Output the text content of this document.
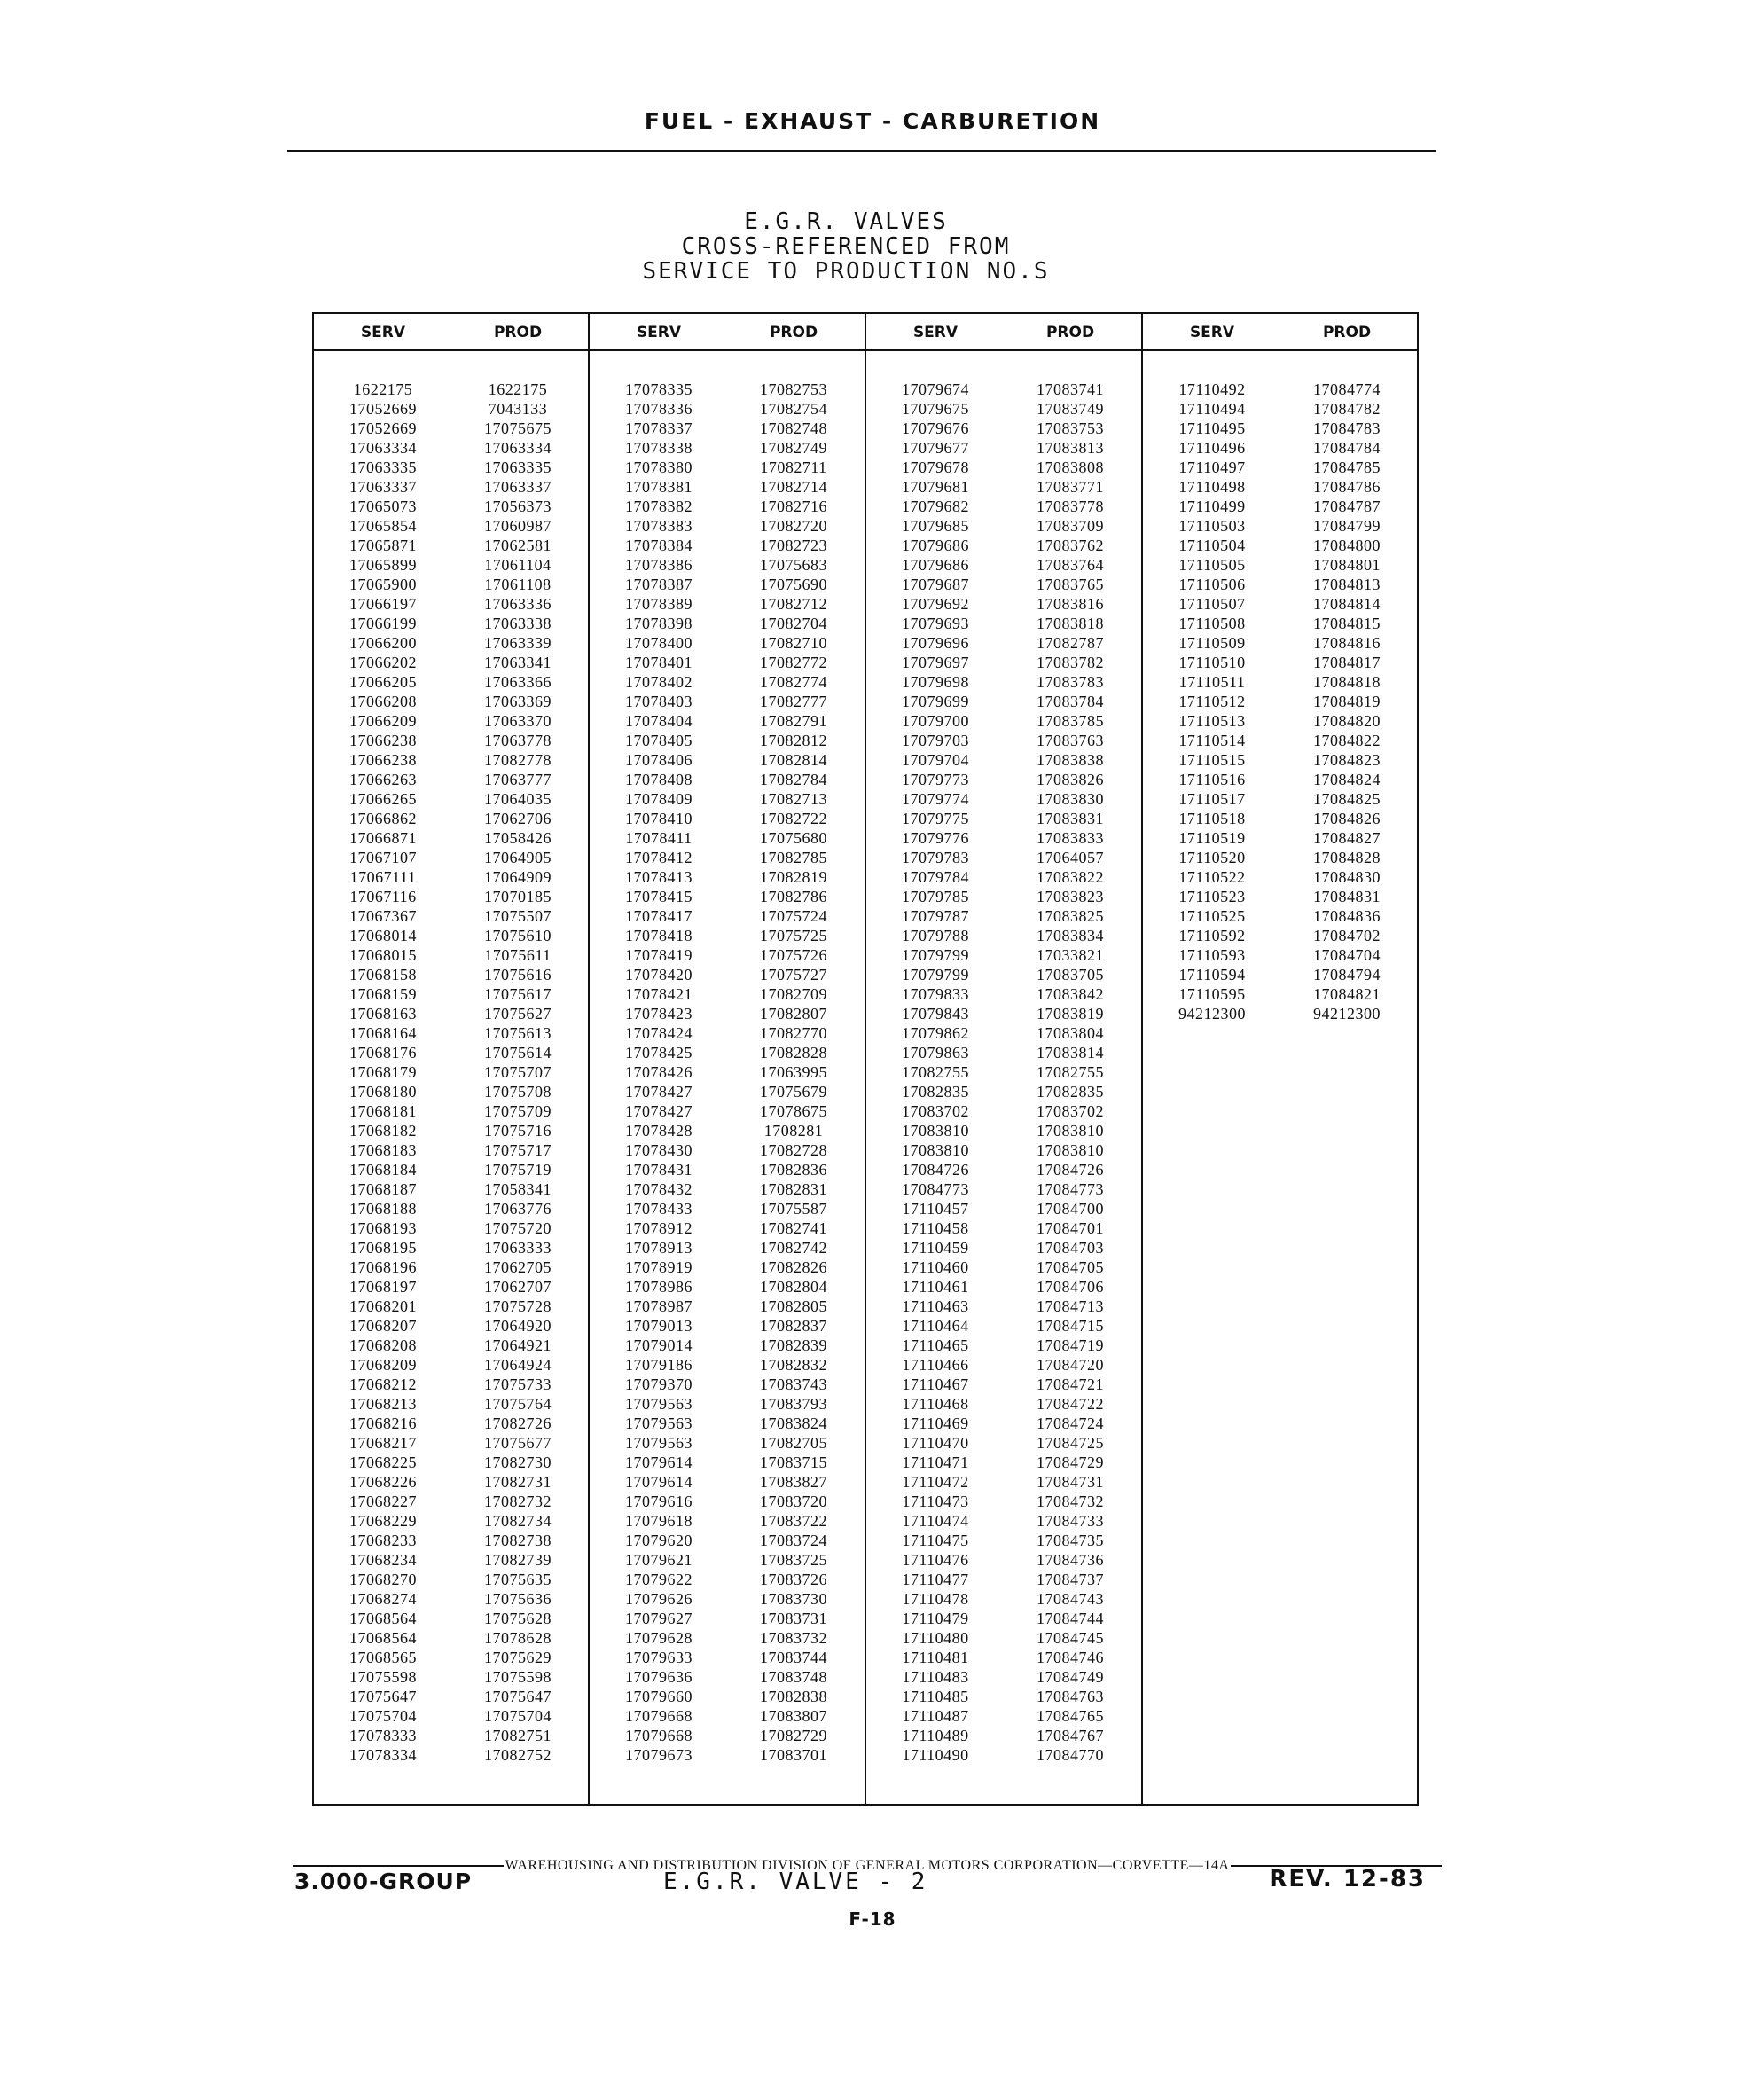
FUEL - EXHAUST - CARBURETION
E.G.R. VALVES
CROSS-REFERENCED FROM
SERVICE TO PRODUCTION NO.S
SERV	PROD
1622175	1622175
17052669	7043133
17052669	17075675
17063334	17063334
17063335	17063335
17063337	17063337
17065073	17056373
17065854	17060987
17065871	17062581
17065899	17061104
17065900	17061108
17066197	17063336
17066199	17063338
17066200	17063339
17066202	17063341
17066205	17063366
17066208	17063369
17066209	17063370
17066238	17063778
17066238	17082778
17066263	17063777
17066265	17064035
17066862	17062706
17066871	17058426
17067107	17064905
17067111	17064909
17067116	17070185
17067367	17075507
17068014	17075610
17068015	17075611
17068158	17075616
17068159	17075617
17068163	17075627
17068164	17075613
17068176	17075614
17068179	17075707
17068180	17075708
17068181	17075709
17068182	17075716
17068183	17075717
17068184	17075719
17068187	17058341
17068188	17063776
17068193	17075720
17068195	17063333
17068196	17062705
17068197	17062707
17068201	17075728
17068207	17064920
17068208	17064921
17068209	17064924
17068212	17075733
17068213	17075764
17068216	17082726
17068217	17075677
17068225	17082730
17068226	17082731
17068227	17082732
17068229	17082734
17068233	17082738
17068234	17082739
17068270	17075635
17068274	17075636
17068564	17075628
17068564	17078628
17068565	17075629
17075598	17075598
17075647	17075647
17075704	17075704
17078333	17082751
17078334	17082752
SERV	PROD
17078335	17082753
17078336	17082754
17078337	17082748
17078338	17082749
17078380	17082711
17078381	17082714
17078382	17082716
17078383	17082720
17078384	17082723
17078386	17075683
17078387	17075690
17078389	17082712
17078398	17082704
17078400	17082710
17078401	17082772
17078402	17082774
17078403	17082777
17078404	17082791
17078405	17082812
17078406	17082814
17078408	17082784
17078409	17082713
17078410	17082722
17078411	17075680
17078412	17082785
17078413	17082819
17078415	17082786
17078417	17075724
17078418	17075725
17078419	17075726
17078420	17075727
17078421	17082709
17078423	17082807
17078424	17082770
17078425	17082828
17078426	17063995
17078427	17075679
17078427	17078675
17078428	1708281
17078430	17082728
17078431	17082836
17078432	17082831
17078433	17075587
17078912	17082741
17078913	17082742
17078919	17082826
17078986	17082804
17078987	17082805
17079013	17082837
17079014	17082839
17079186	17082832
17079370	17083743
17079563	17083793
17079563	17083824
17079563	17082705
17079614	17083715
17079614	17083827
17079616	17083720
17079618	17083722
17079620	17083724
17079621	17083725
17079622	17083726
17079626	17083730
17079627	17083731
17079628	17083732
17079633	17083744
17079636	17083748
17079660	17082838
17079668	17083807
17079668	17082729
17079673	17083701
SERV	PROD
17079674	17083741
17079675	17083749
17079676	17083753
17079677	17083813
17079678	17083808
17079681	17083771
17079682	17083778
17079685	17083709
17079686	17083762
17079686	17083764
17079687	17083765
17079692	17083816
17079693	17083818
17079696	17082787
17079697	17083782
17079698	17083783
17079699	17083784
17079700	17083785
17079703	17083763
17079704	17083838
17079773	17083826
17079774	17083830
17079775	17083831
17079776	17083833
17079783	17064057
17079784	17083822
17079785	17083823
17079787	17083825
17079788	17083834
17079799	17033821
17079799	17083705
17079833	17083842
17079843	17083819
17079862	17083804
17079863	17083814
17082755	17082755
17082835	17082835
17083702	17083702
17083810	17083810
17083810	17083810
17084726	17084726
17084773	17084773
17110457	17084700
17110458	17084701
17110459	17084703
17110460	17084705
17110461	17084706
17110463	17084713
17110464	17084715
17110465	17084719
17110466	17084720
17110467	17084721
17110468	17084722
17110469	17084724
17110470	17084725
17110471	17084729
17110472	17084731
17110473	17084732
17110474	17084733
17110475	17084735
17110476	17084736
17110477	17084737
17110478	17084743
17110479	17084744
17110480	17084745
17110481	17084746
17110483	17084749
17110485	17084763
17110487	17084765
17110489	17084767
17110490	17084770
SERV	PROD
17110492	17084774
17110494	17084782
17110495	17084783
17110496	17084784
17110497	17084785
17110498	17084786
17110499	17084787
17110503	17084799
17110504	17084800
17110505	17084801
17110506	17084813
17110507	17084814
17110508	17084815
17110509	17084816
17110510	17084817
17110511	17084818
17110512	17084819
17110513	17084820
17110514	17084822
17110515	17084823
17110516	17084824
17110517	17084825
17110518	17084826
17110519	17084827
17110520	17084828
17110522	17084830
17110523	17084831
17110525	17084836
17110592	17084702
17110593	17084704
17110594	17084794
17110595	17084821
94212300	94212300
WAREHOUSING AND DISTRIBUTION DIVISION OF GENERAL MOTORS CORPORATION—CORVETTE—14A
3.000-GROUP	E.G.R. VALVE - 2	REV. 12-83
F-18
